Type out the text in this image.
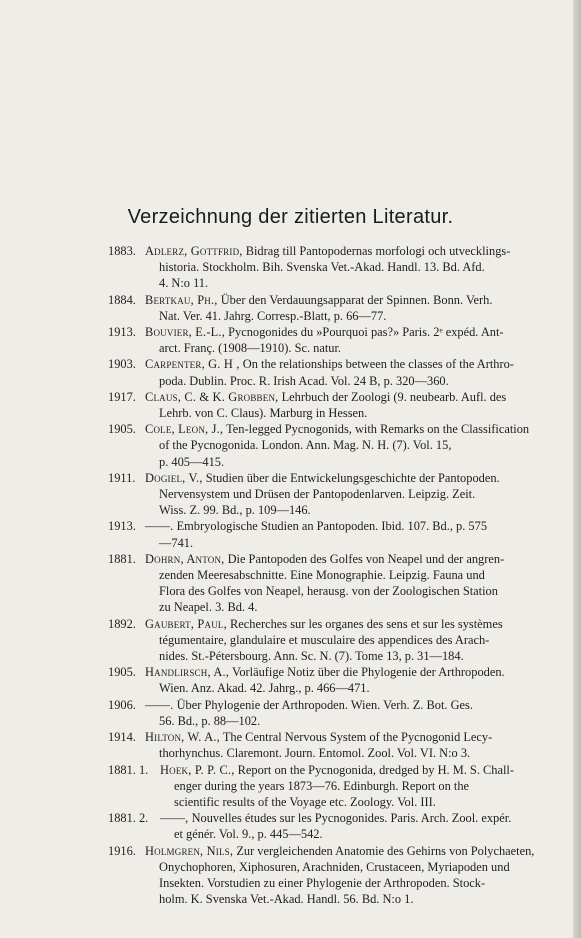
Verzeichnung der zitierten Literatur.
1883. Adlerz, Gottfrid, Bidrag till Pantopodernas morfologi och utvecklings-
historia. Stockholm. Bih. Svenska Vet.-Akad. Handl. 13. Bd. Afd.
4. N:o 11.
1884. Bertkau, Ph., Über den Verdauungsapparat der Spinnen. Bonn. Verh.
Nat. Ver. 41. Jahrg. Corresp.-Blatt, p. 66—77.
1913. Bouvier, E.-L., Pycnogonides du »Pourquoi pas?» Paris. 2ᵉ expéd. Ant-
arct. Franç. (1908—1910). Sc. natur.
1903. Carpenter, G. H , On the relationships between the classes of the Arthro-
poda. Dublin. Proc. R. Irish Acad. Vol. 24 B, p. 320—360.
1917. Claus, C. & K. Grobben, Lehrbuch der Zoologi (9. neubearb. Aufl. des
Lehrb. von C. Claus). Marburg in Hessen.
1905. Cole, Leon, J., Ten-legged Pycnogonids, with Remarks on the Classification
of the Pycnogonida. London. Ann. Mag. N. H. (7). Vol. 15,
p. 405—415.
1911. Dogiel, V., Studien über die Entwickelungsgeschichte der Pantopoden.
Nervensystem und Drüsen der Pantopodenlarven. Leipzig. Zeit.
Wiss. Z. 99. Bd., p. 109—146.
1913. ——. Embryologische Studien an Pantopoden. Ibid. 107. Bd., p. 575
—741.
1881. Dohrn, Anton, Die Pantopoden des Golfes von Neapel und der angren-
zenden Meeresabschnitte. Eine Monographie. Leipzig. Fauna und
Flora des Golfes von Neapel, herausg. von der Zoologischen Station
zu Neapel. 3. Bd. 4.
1892. Gaubert, Paul, Recherches sur les organes des sens et sur les systèmes
tégumentaire, glandulaire et musculaire des appendices des Arach-
nides. St.-Pétersbourg. Ann. Sc. N. (7). Tome 13, p. 31—184.
1905. Handlirsch, A., Vorläufige Notiz über die Phylogenie der Arthropoden.
Wien. Anz. Akad. 42. Jahrg., p. 466—471.
1906. ——. Über Phylogenie der Arthropoden. Wien. Verh. Z. Bot. Ges.
56. Bd., p. 88—102.
1914. Hilton, W. A., The Central Nervous System of the Pycnogonid Lecy-
thorhynchus. Claremont. Journ. Entomol. Zool. Vol. VI. N:o 3.
1881. 1. Hoek, P. P. C., Report on the Pycnogonida, dredged by H. M. S. Chall-
enger during the years 1873—76. Edinburgh. Report on the
scientific results of the Voyage etc. Zoology. Vol. III.
1881. 2. ——, Nouvelles études sur les Pycnogonides. Paris. Arch. Zool. expér.
et génér. Vol. 9., p. 445—542.
1916. Holmgren, Nils, Zur vergleichenden Anatomie des Gehirns von Polychaeten,
Onychophoren, Xiphosuren, Arachniden, Crustaceen, Myriapoden und
Insekten. Vorstudien zu einer Phylogenie der Arthropoden. Stock-
holm. K. Svenska Vet.-Akad. Handl. 56. Bd. N:o 1.
